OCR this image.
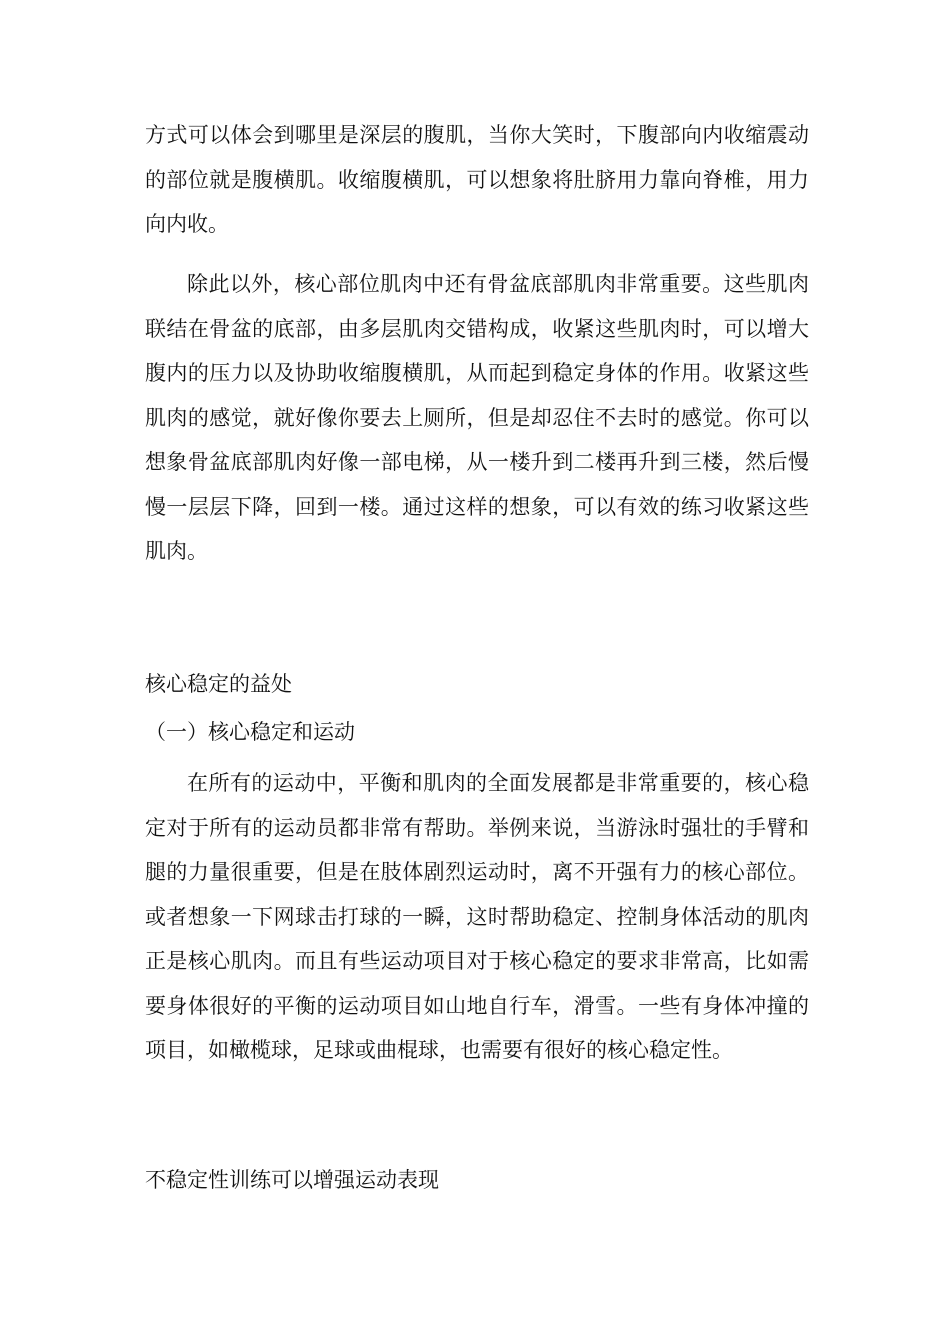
方式可以体会到哪里是深层的腹肌，当你大笑时，下腹部向内收缩震动的部位就是腹横肌。收缩腹横肌，可以想象将肚脐用力靠向脊椎，用力向内收。

除此以外，核心部位肌肉中还有骨盆底部肌肉非常重要。这些肌肉联结在骨盆的底部，由多层肌肉交错构成，收紧这些肌肉时，可以增大腹内的压力以及协助收缩腹横肌，从而起到稳定身体的作用。收紧这些肌肉的感觉，就好像你要去上厕所，但是却忍住不去时的感觉。你可以想象骨盆底部肌肉好像一部电梯，从一楼升到二楼再升到三楼，然后慢慢一层层下降，回到一楼。通过这样的想象，可以有效的练习收紧这些肌肉。

核心稳定的益处
（一）核心稳定和运动

在所有的运动中，平衡和肌肉的全面发展都是非常重要的，核心稳定对于所有的运动员都非常有帮助。举例来说，当游泳时强壮的手臂和腿的力量很重要，但是在肢体剧烈运动时，离不开强有力的核心部位。或者想象一下网球击打球的一瞬，这时帮助稳定、控制身体活动的肌肉正是核心肌肉。而且有些运动项目对于核心稳定的要求非常高，比如需要身体很好的平衡的运动项目如山地自行车，滑雪。一些有身体冲撞的项目，如橄榄球，足球或曲棍球，也需要有很好的核心稳定性。

不稳定性训练可以增强运动表现
